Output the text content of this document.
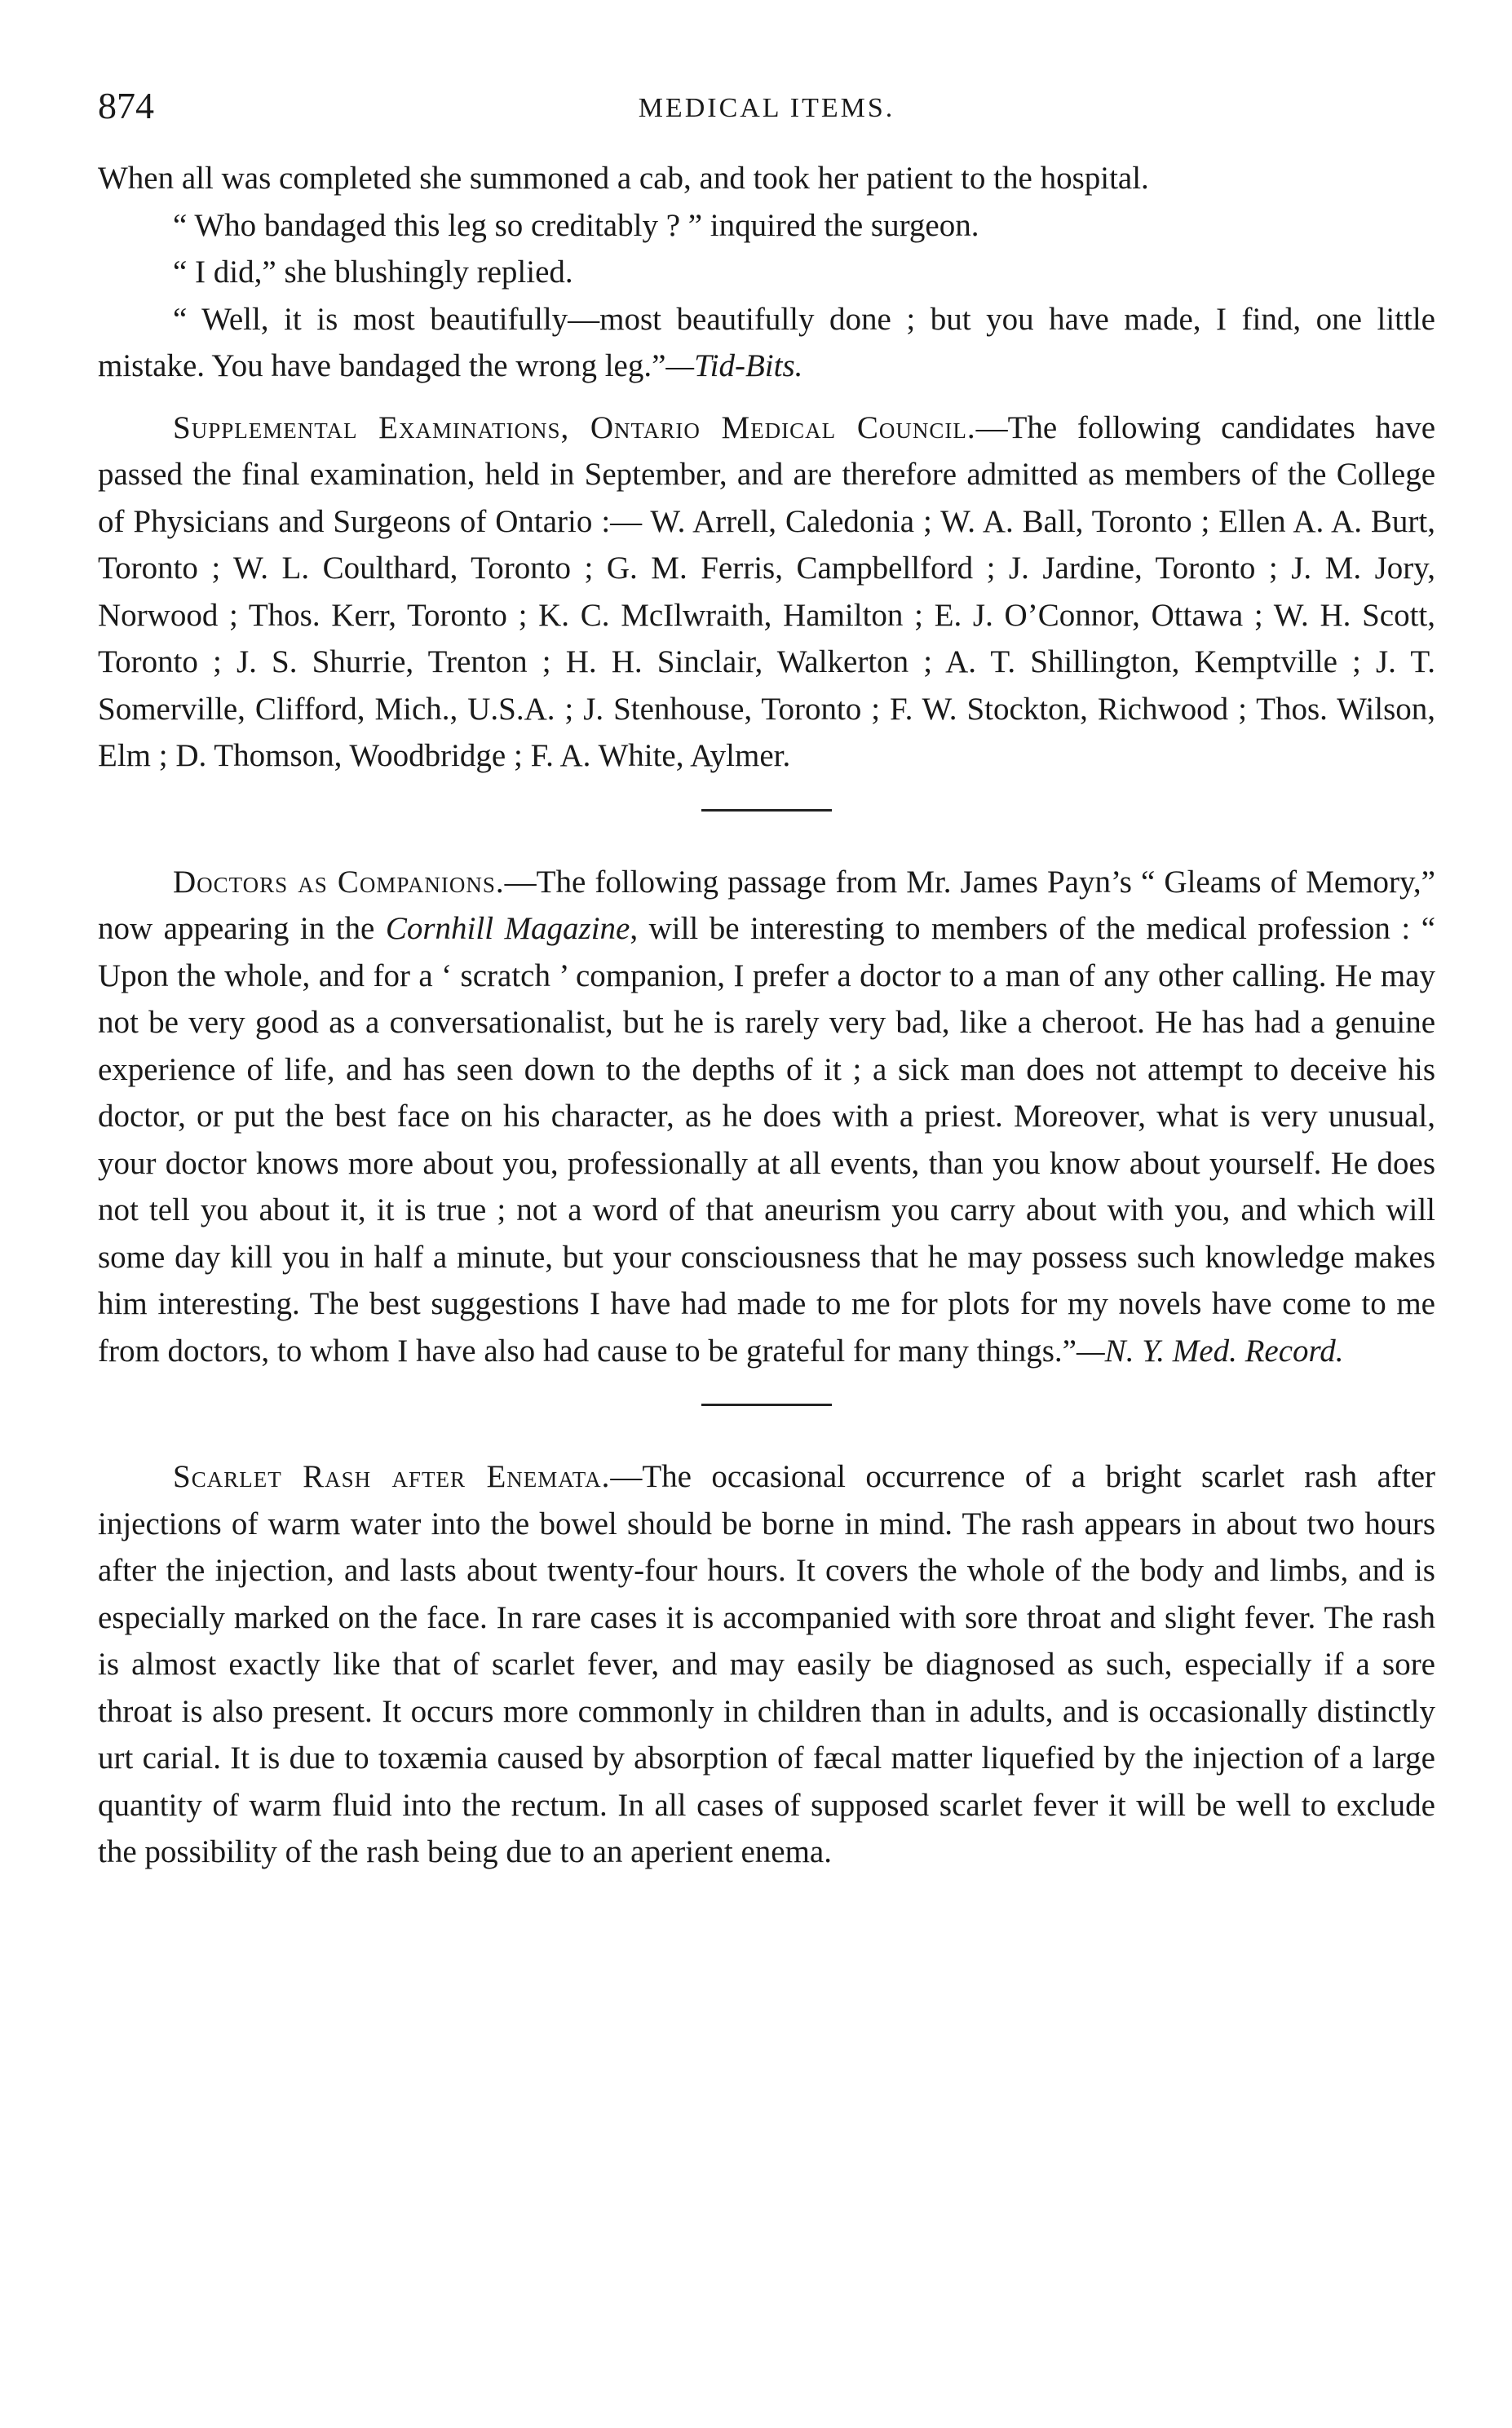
874	MEDICAL ITEMS.

When all was completed she summoned a cab, and took her patient to the hospital.

“ Who bandaged this leg so creditably ? ” inquired the surgeon.

“ I did,” she blushingly replied.

“ Well, it is most beautifully—most beautifully done ; but you have made, I find, one little mistake. You have bandaged the wrong leg.”—Tid-Bits.

Supplemental Examinations, Ontario Medical Council.—The following candidates have passed the final examination, held in September, and are therefore admitted as members of the College of Physicians and Surgeons of Ontario :— W. Arrell, Caledonia ; W. A. Ball, Toronto ; Ellen A. A. Burt, Toronto ; W. L. Coulthard, Toronto ; G. M. Ferris, Campbellford ; J. Jardine, Toronto ; J. M. Jory, Norwood ; Thos. Kerr, Toronto ; K. C. McIlwraith, Hamilton ; E. J. O’Connor, Ottawa ; W. H. Scott, Toronto ; J. S. Shurrie, Trenton ; H. H. Sinclair, Walkerton ; A. T. Shillington, Kemptville ; J. T. Somerville, Clifford, Mich., U.S.A. ; J. Stenhouse, Toronto ; F. W. Stockton, Richwood ; Thos. Wilson, Elm ; D. Thomson, Woodbridge ; F. A. White, Aylmer.

Doctors as Companions.—The following passage from Mr. James Payn’s “ Gleams of Memory,” now appearing in the Cornhill Magazine, will be interesting to members of the medical profession : “ Upon the whole, and for a ‘ scratch ’ companion, I prefer a doctor to a man of any other calling. He may not be very good as a conversationalist, but he is rarely very bad, like a cheroot. He has had a genuine experience of life, and has seen down to the depths of it ; a sick man does not attempt to deceive his doctor, or put the best face on his character, as he does with a priest. Moreover, what is very unusual, your doctor knows more about you, professionally at all events, than you know about yourself. He does not tell you about it, it is true ; not a word of that aneurism you carry about with you, and which will some day kill you in half a minute, but your consciousness that he may possess such knowledge makes him interesting. The best suggestions I have had made to me for plots for my novels have come to me from doctors, to whom I have also had cause to be grateful for many things.”—N. Y. Med. Record.

Scarlet Rash after Enemata.—The occasional occurrence of a bright scarlet rash after injections of warm water into the bowel should be borne in mind. The rash appears in about two hours after the injection, and lasts about twenty-four hours. It covers the whole of the body and limbs, and is especially marked on the face. In rare cases it is accompanied with sore throat and slight fever. The rash is almost exactly like that of scarlet fever, and may easily be diagnosed as such, especially if a sore throat is also present. It occurs more commonly in children than in adults, and is occasionally distinctly urt carial. It is due to toxæmia caused by absorption of fæcal matter liquefied by the injection of a large quantity of warm fluid into the rectum. In all cases of supposed scarlet fever it will be well to exclude the possibility of the rash being due to an aperient enema.
